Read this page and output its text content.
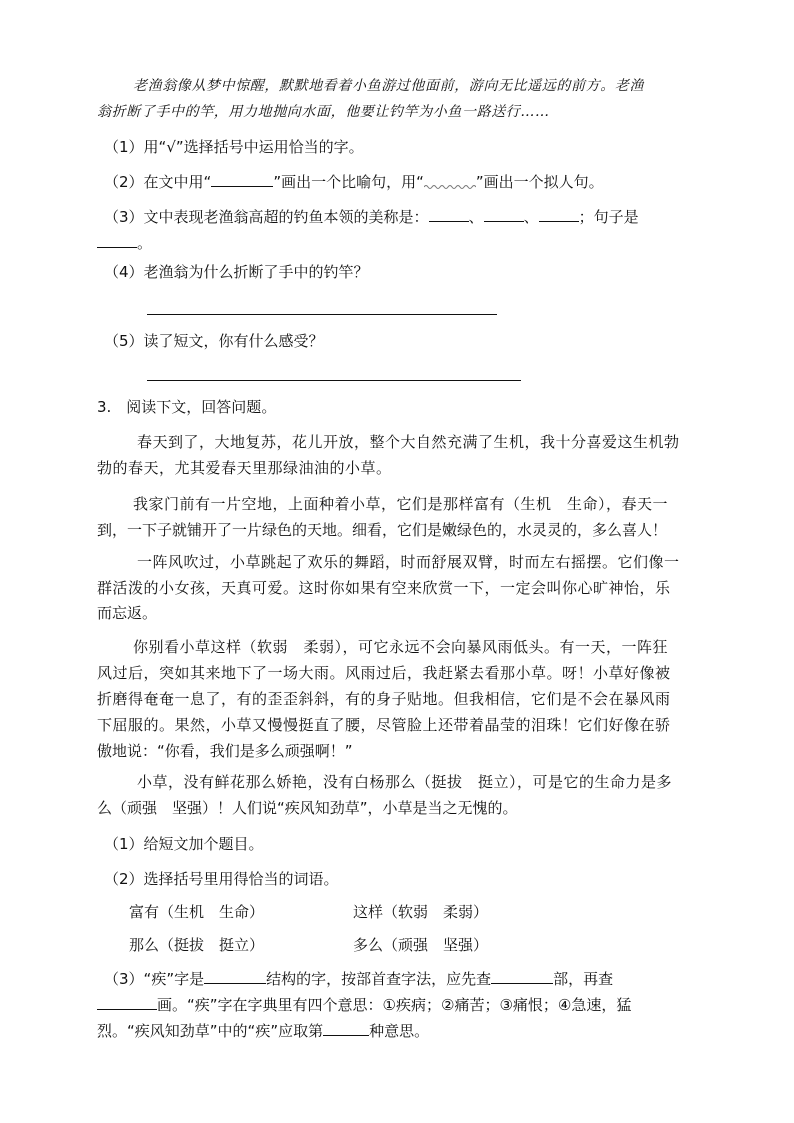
老渔翁像从梦中惊醒，默默地看着小鱼游过他面前，游向无比遥远的前方。老渔
翁折断了手中的竿，用力地抛向水面，他要让钓竿为小鱼一路送行……
（1）用“√”选择括号中运用恰当的字。
（2）在文中用“	”画出一个比喻句，用“	”画出一个拟人句。
（3）文中表现老渔翁高超的钓鱼本领的美称是：	、	、	；句子是
。
（4）老渔翁为什么折断了手中的钓竿？
（5）读了短文，你有什么感受？
3.　阅读下文，回答问题。
春天到了，大地复苏，花儿开放，整个大自然充满了生机，我十分喜爱这生机勃
勃的春天，尤其爱春天里那绿油油的小草。
我家门前有一片空地，上面种着小草，它们是那样富有（生机　生命），春天一
到，一下子就铺开了一片绿色的天地。细看，它们是嫩绿色的，水灵灵的，多么喜人！
一阵风吹过，小草跳起了欢乐的舞蹈，时而舒展双臂，时而左右摇摆。它们像一
群活泼的小女孩，天真可爱。这时你如果有空来欣赏一下，一定会叫你心旷神怡，乐
而忘返。
你别看小草这样（软弱　柔弱），可它永远不会向暴风雨低头。有一天，一阵狂
风过后，突如其来地下了一场大雨。风雨过后，我赶紧去看那小草。呀！小草好像被
折磨得奄奄一息了，有的歪歪斜斜，有的身子贴地。但我相信，它们是不会在暴风雨
下屈服的。果然，小草又慢慢挺直了腰，尽管脸上还带着晶莹的泪珠！它们好像在骄
傲地说：“你看，我们是多么顽强啊！”
小草，没有鲜花那么娇艳，没有白杨那么（挺拔　挺立），可是它的生命力是多
么（顽强　坚强）！人们说“疾风知劲草”，小草是当之无愧的。
（1）给短文加个题目。
（2）选择括号里用得恰当的词语。
富有（生机　生命）	这样（软弱　柔弱）
那么（挺拔　挺立）	多么（顽强　坚强）
（3）“疾”字是	结构的字，按部首查字法，应先查	部，再查
画。“疾”字在字典里有四个意思：①疾病；②痛苦；③痛恨；④急速，猛
烈。“疾风知劲草”中的“疾”应取第	种意思。
